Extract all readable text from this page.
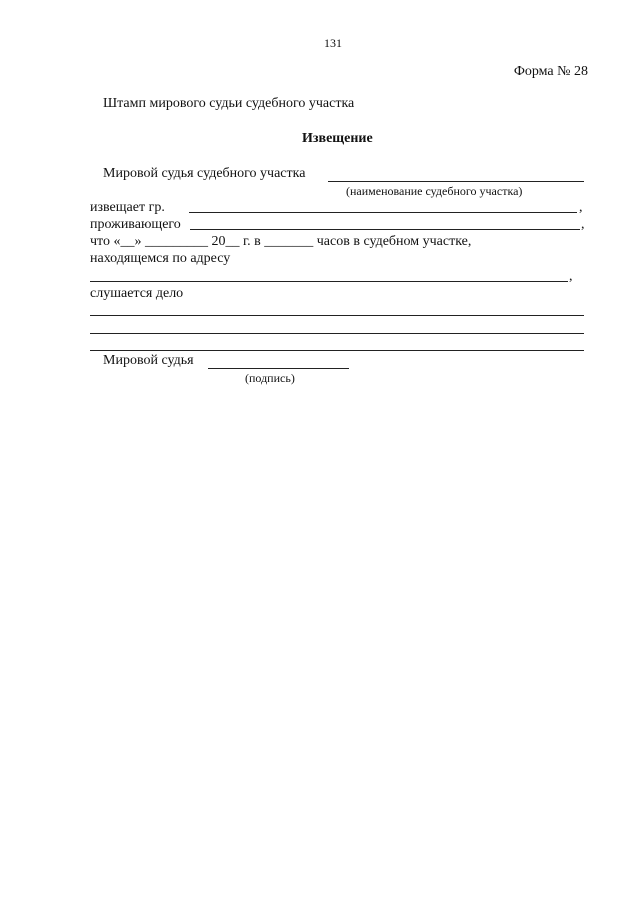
131
Форма № 28
Штамп мирового судьи судебного участка
Извещение
Мировой судья судебного участка
(наименование судебного участка)
извещает гр.	,
проживающего	,
что «__» _________ 20__ г. в _______ часов в судебном участке,
находящемся по адресу
,
слушается дело
Мировой судья
(подпись)
